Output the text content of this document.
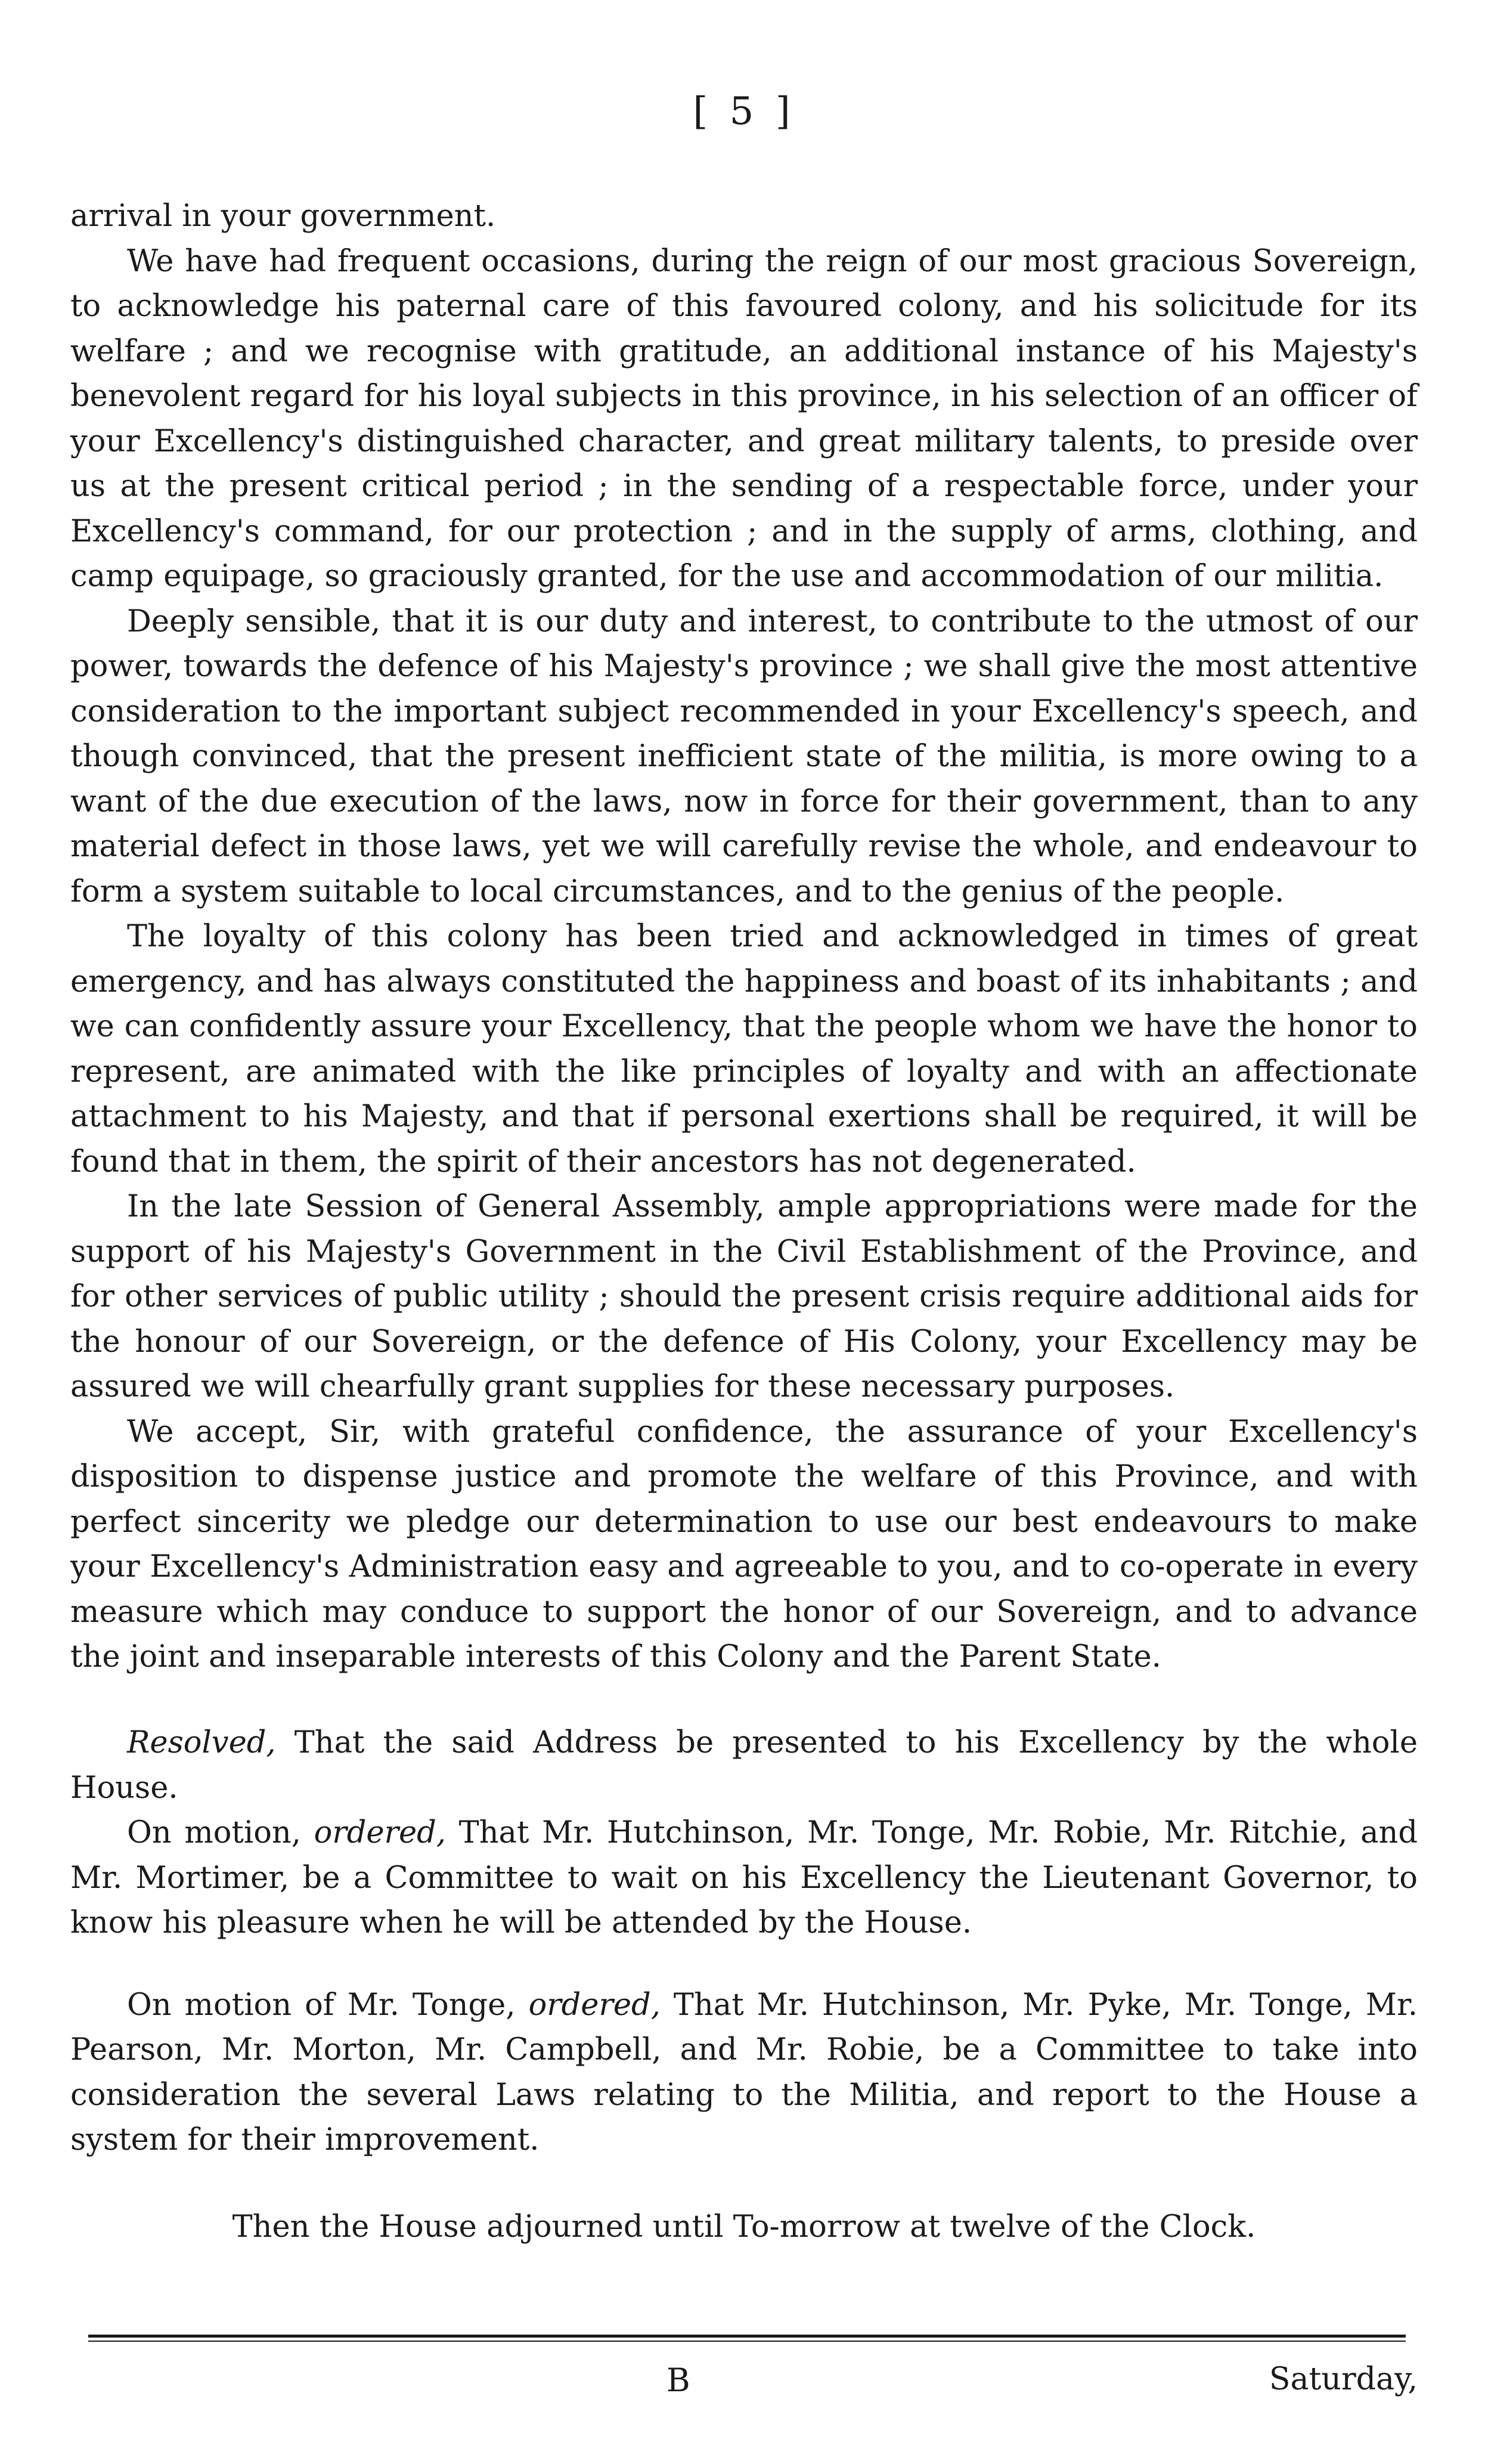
[ 5 ]

arrival in your government.

We have had frequent occasions, during the reign of our most gracious Sovereign, to acknowledge his paternal care of this favoured colony, and his solicitude for its welfare ; and we recognise with gratitude, an additional instance of his Majesty's benevolent regard for his loyal subjects in this province, in his selection of an officer of your Excellency's distinguished character, and great military talents, to preside over us at the present critical period ; in the sending of a respectable force, under your Excellency's command, for our protection ; and in the supply of arms, clothing, and camp equipage, so graciously granted, for the use and accommodation of our militia.

Deeply sensible, that it is our duty and interest, to contribute to the utmost of our power, towards the defence of his Majesty's province ; we shall give the most attentive consideration to the important subject recommended in your Excellency's speech, and though convinced, that the present inefficient state of the militia, is more owing to a want of the due execution of the laws, now in force for their government, than to any material defect in those laws, yet we will carefully revise the whole, and endeavour to form a system suitable to local circumstances, and to the genius of the people.

The loyalty of this colony has been tried and acknowledged in times of great emergency, and has always constituted the happiness and boast of its inhabitants ; and we can confidently assure your Excellency, that the people whom we have the honor to represent, are animated with the like principles of loyalty and with an affectionate attachment to his Majesty, and that if personal exertions shall be required, it will be found that in them, the spirit of their ancestors has not degenerated.

In the late Session of General Assembly, ample appropriations were made for the support of his Majesty's Government in the Civil Establishment of the Province, and for other services of public utility ; should the present crisis require additional aids for the honour of our Sovereign, or the defence of His Colony, your Excellency may be assured we will chearfully grant supplies for these necessary purposes.

We accept, Sir, with grateful confidence, the assurance of your Excellency's disposition to dispense justice and promote the welfare of this Province, and with perfect sincerity we pledge our determination to use our best endeavours to make your Excellency's Administration easy and agreeable to you, and to co-operate in every measure which may conduce to support the honor of our Sovereign, and to advance the joint and inseparable interests of this Colony and the Parent State.

Resolved, That the said Address be presented to his Excellency by the whole House.

On motion, ordered, That Mr. Hutchinson, Mr. Tonge, Mr. Robie, Mr. Ritchie, and Mr. Mortimer, be a Committee to wait on his Excellency the Lieutenant Governor, to know his pleasure when he will be attended by the House.

On motion of Mr. Tonge, ordered, That Mr. Hutchinson, Mr. Pyke, Mr. Tonge, Mr. Pearson, Mr. Morton, Mr. Campbell, and Mr. Robie, be a Committee to take into consideration the several Laws relating to the Militia, and report to the House a system for their improvement.

Then the House adjourned until To-morrow at twelve of the Clock.

B	Saturday,
